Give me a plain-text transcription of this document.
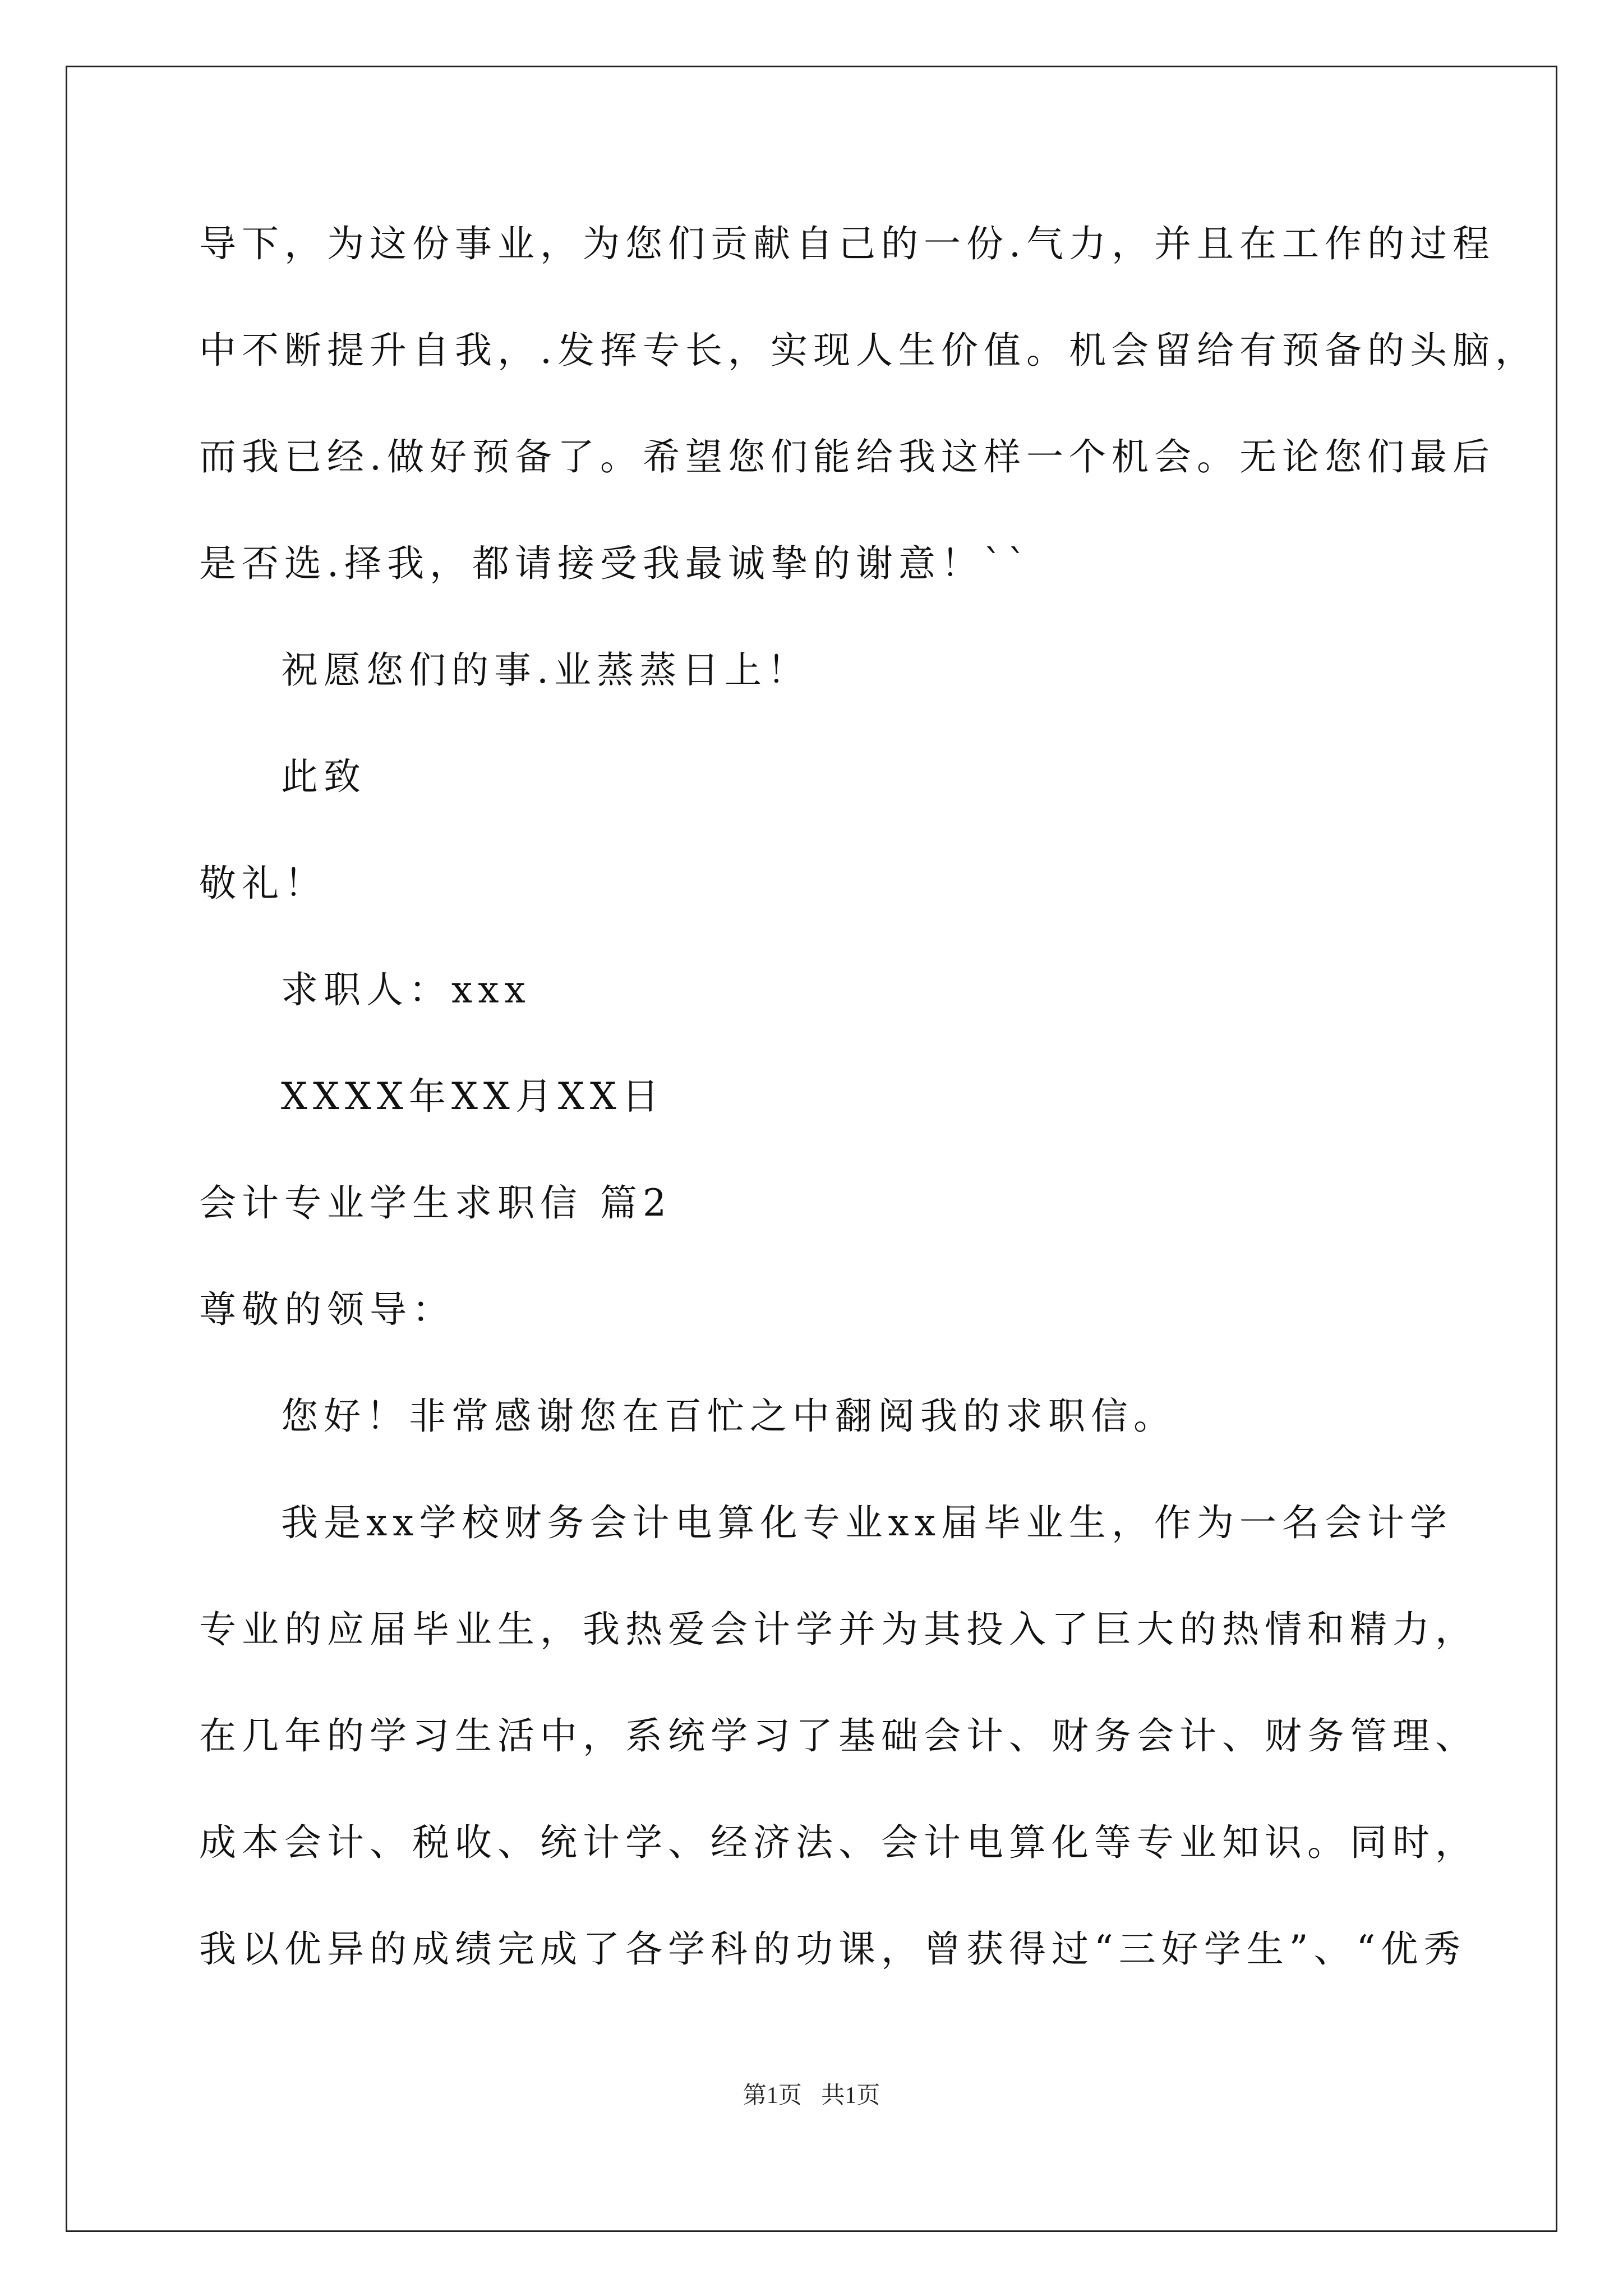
导下，为这份事业，为您们贡献自己的一份.气力，并且在工作的过程
中不断提升自我，.发挥专长，实现人生价值。机会留给有预备的头脑，
而我已经.做好预备了。希望您们能给我这样一个机会。无论您们最后
是否选.择我，都请接受我最诚挚的谢意！``
祝愿您们的事.业蒸蒸日上！
此致
敬礼！
求职人：xxx
XXXX年XX月XX日
会计专业学生求职信 篇2
尊敬的领导：
您好！非常感谢您在百忙之中翻阅我的求职信。
我是xx学校财务会计电算化专业xx届毕业生，作为一名会计学
专业的应届毕业生，我热爱会计学并为其投入了巨大的热情和精力，
在几年的学习生活中，系统学习了基础会计、财务会计、财务管理、
成本会计、税收、统计学、经济法、会计电算化等专业知识。同时，
我以优异的成绩完成了各学科的功课，曾获得过“三好学生”、“优秀
第1页 共1页
